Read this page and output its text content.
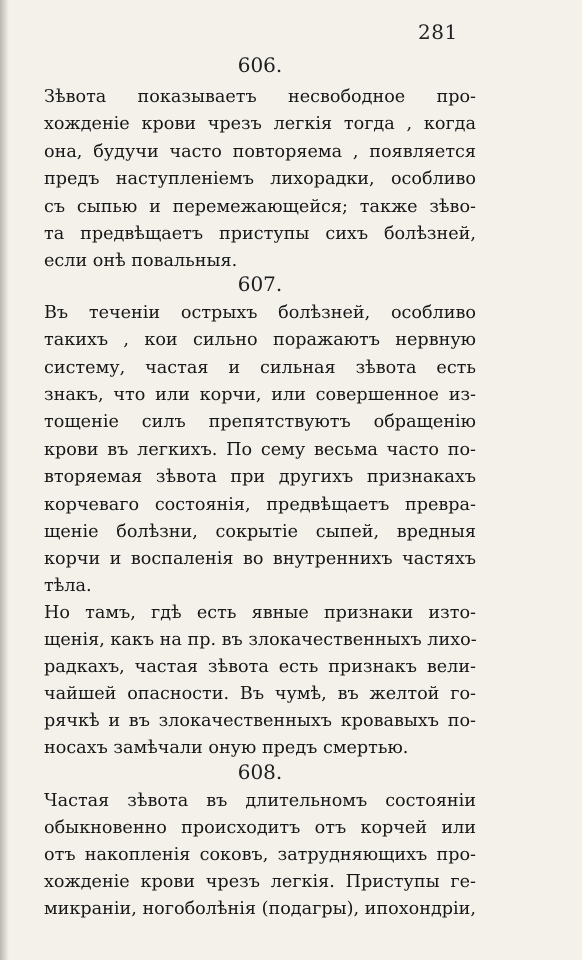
281
606.
Зѣвота показываетъ несвободное про-
хожденіе крови чрезъ легкія тогда , когда
она, будучи часто повторяема , появляется
предъ наступленіемъ лихорадки, особливо
съ сыпью и перемежающейся; также зѣво-
та предвѣщаетъ приступы сихъ болѣзней,
если онѣ повальныя.
607.
Въ теченіи острыхъ болѣзней, особливо
такихъ , кои сильно поражаютъ нервную
систему, частая и сильная зѣвота есть
знакъ, что или корчи, или совершенное из-
тощеніе силъ препятствуютъ обращенію
крови въ легкихъ. По сему весьма часто по-
вторяемая зѣвота при другихъ признакахъ
корчеваго состоянія, предвѣщаетъ превра-
щеніе болѣзни, сокрытіе сыпей, вредныя
корчи и воспаленія во внутреннихъ частяхъ
тѣла.
Но тамъ, гдѣ есть явные признаки изто-
щенія, какъ на пр. въ злокачественныхъ лихо-
радкахъ, частая зѣвота есть признакъ вели-
чайшей опасности. Въ чумѣ, въ желтой го-
рячкѣ и въ злокачественныхъ кровавыхъ по-
носахъ замѣчали оную предъ смертью.
608.
Частая зѣвота въ длительномъ состояніи
обыкновенно происходитъ отъ корчей или
отъ накопленія соковъ, затрудняющихъ про-
хожденіе крови чрезъ легкія. Приступы ге-
микраніи, ногоболѣнія (подагры), ипохондріи,
